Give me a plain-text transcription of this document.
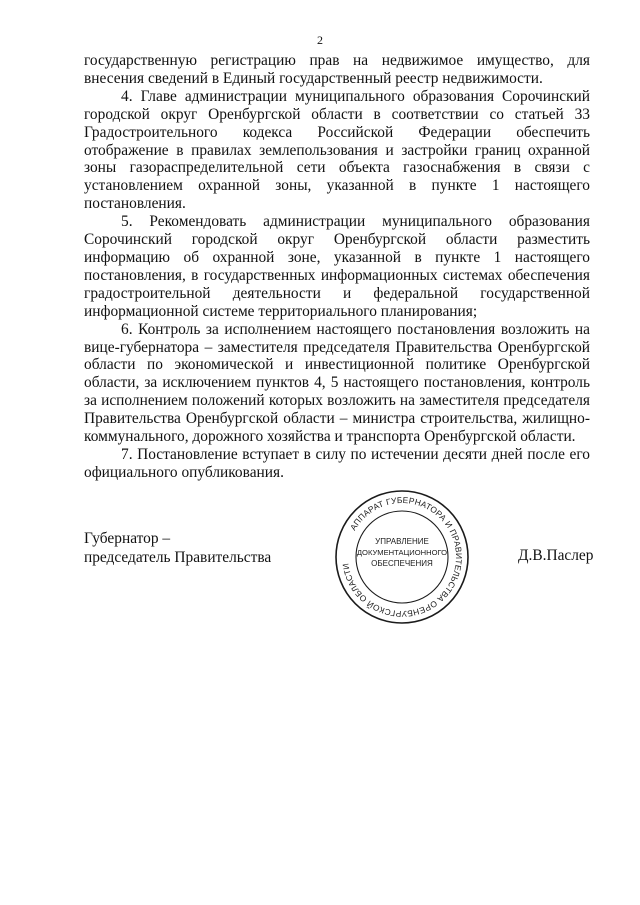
2

государственную регистрацию прав на недвижимое имущество, для внесения сведений в Единый государственный реестр недвижимости.

4. Главе администрации муниципального образования Сорочинский городской округ Оренбургской области в соответствии со статьей 33 Градостроительного кодекса Российской Федерации обеспечить отображение в правилах землепользования и застройки границ охранной зоны газораспределительной сети объекта газоснабжения в связи с установлением охранной зоны, указанной в пункте 1 настоящего постановления.

5. Рекомендовать администрации муниципального образования Сорочинский городской округ Оренбургской области разместить информацию об охранной зоне, указанной в пункте 1 настоящего постановления, в государственных информационных системах обеспечения градостроительной деятельности и федеральной государственной информационной системе территориального планирования;

6. Контроль за исполнением настоящего постановления возложить на вице-губернатора – заместителя председателя Правительства Оренбургской области по экономической и инвестиционной политике Оренбургской области, за исключением пунктов 4, 5 настоящего постановления, контроль за исполнением положений которых возложить на заместителя председателя Правительства Оренбургской области – министра строительства, жилищно-коммунального, дорожного хозяйства и транспорта Оренбургской области.

7. Постановление вступает в силу по истечении десяти дней после его официального опубликования.

Губернатор –
председатель Правительства
АППАРАТ ГУБЕРНАТОРА И ПРАВИТЕЛЬСТВА ОРЕНБУРГСКОЙ ОБЛАСТИ
УПРАВЛЕНИЕ
ДОКУМЕНТАЦИОННОГО
ОБЕСПЕЧЕНИЯ	Д.В.Паслер
